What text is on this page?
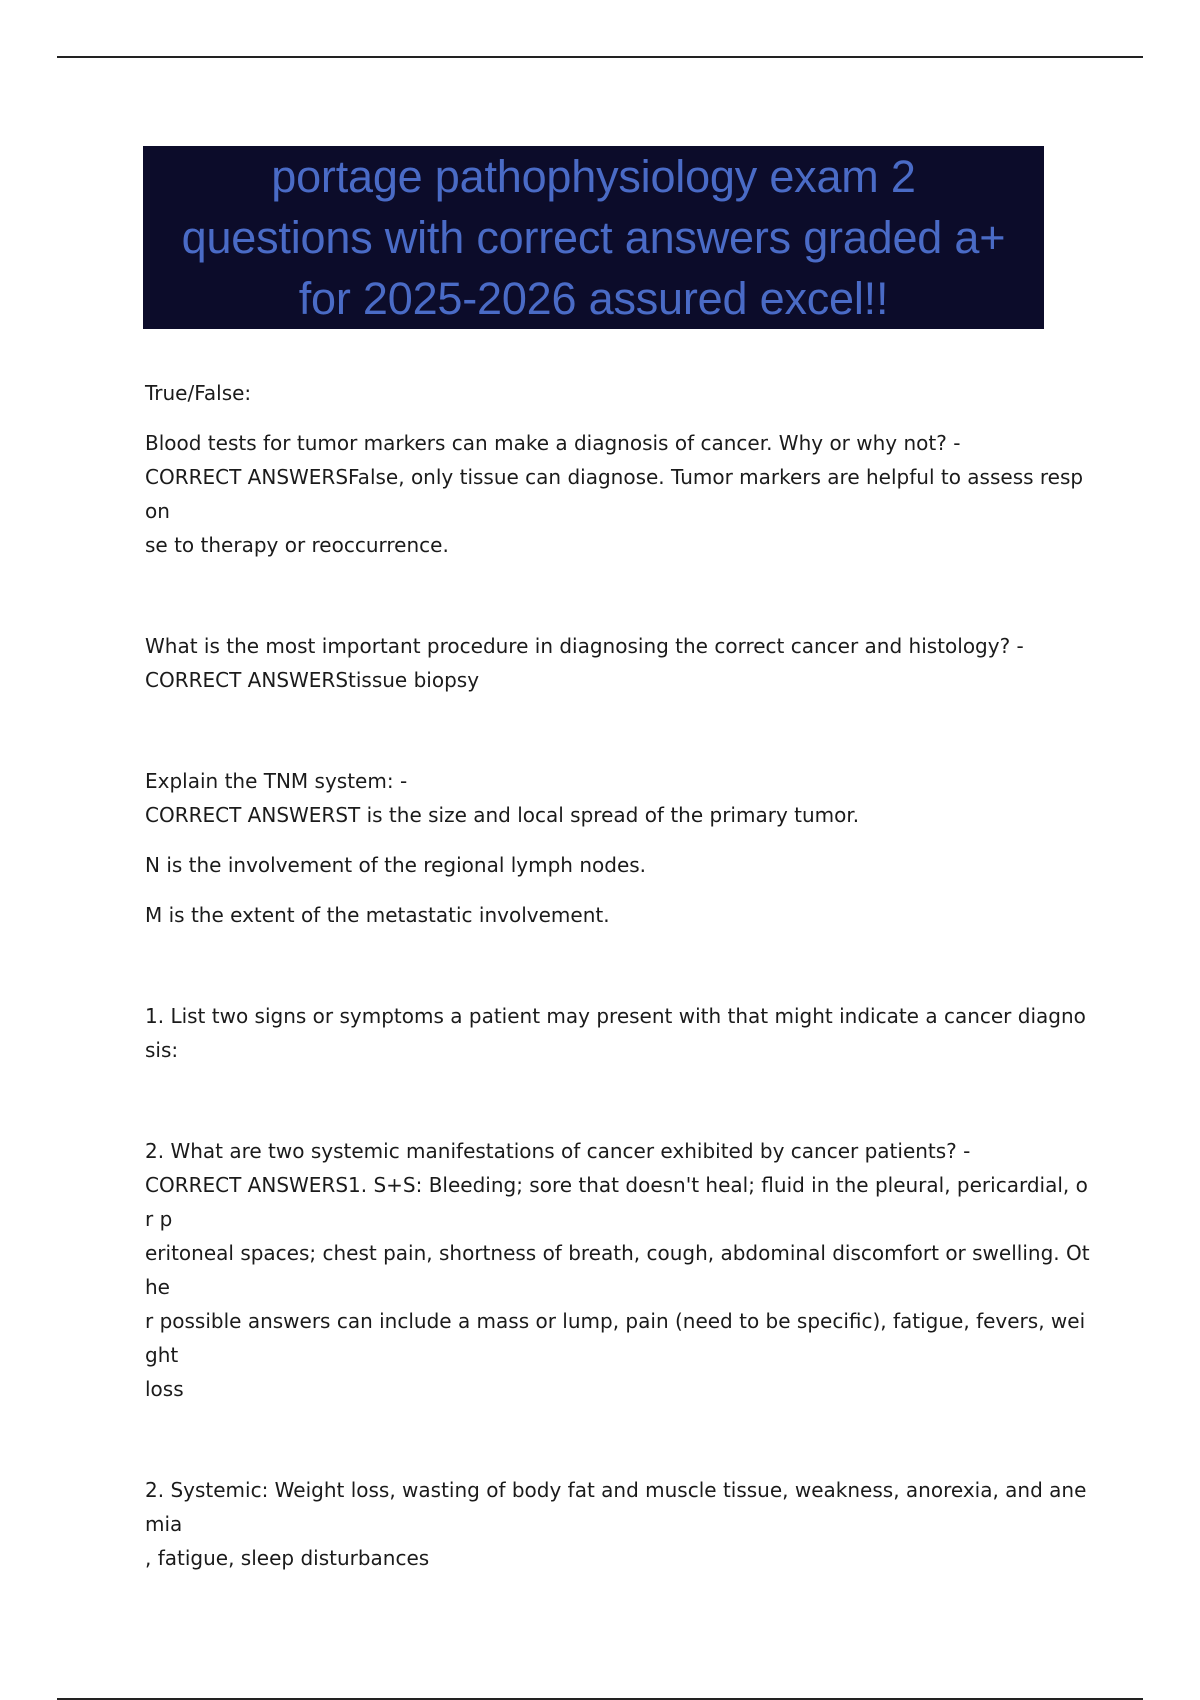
portage pathophysiology exam 2
questions with correct answers graded a+
for 2025-2026 assured excel!!

True/False:

Blood tests for tumor markers can make a diagnosis of cancer. Why or why not? -

CORRECT ANSWERSFalse, only tissue can diagnose. Tumor markers are helpful to assess respon
se to therapy or reoccurrence.

What is the most important procedure in diagnosing the correct cancer and histology? -

CORRECT ANSWERStissue biopsy

Explain the TNM system: -

CORRECT ANSWERST is the size and local spread of the primary tumor.

N is the involvement of the regional lymph nodes.

M is the extent of the metastatic involvement.

1. List two signs or symptoms a patient may present with that might indicate a cancer diagnosis:

2. What are two systemic manifestations of cancer exhibited by cancer patients? -

CORRECT ANSWERS1. S+S: Bleeding; sore that doesn't heal; fluid in the pleural, pericardial, or p
eritoneal spaces; chest pain, shortness of breath, cough, abdominal discomfort or swelling. Othe
r possible answers can include a mass or lump, pain (need to be specific), fatigue, fevers, weight
loss

2. Systemic: Weight loss, wasting of body fat and muscle tissue, weakness, anorexia, and anemia
, fatigue, sleep disturbances
